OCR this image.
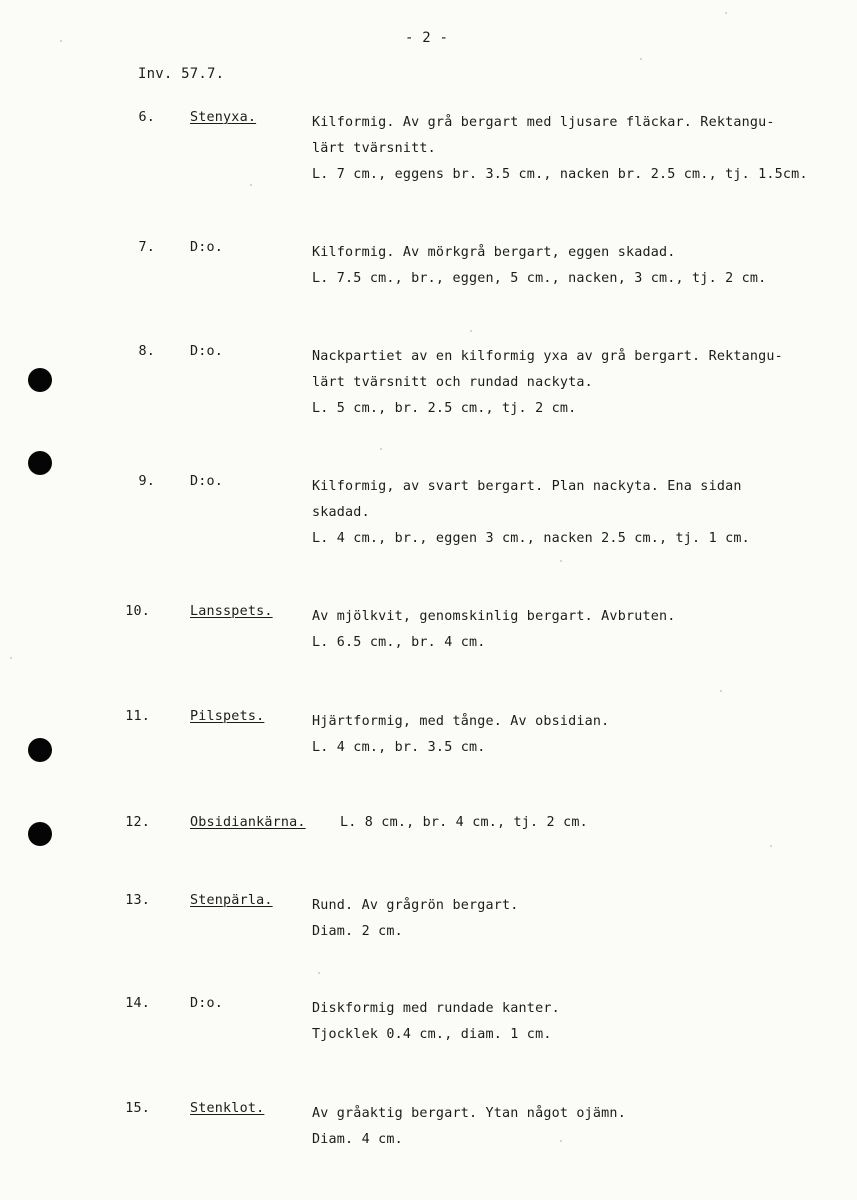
- 2 -
Inv. 57.7.
6.	Stenyxa.	Kilformig. Av grå bergart med ljusare fläckar. Rektangu-
lärt tvärsnitt.
L. 7 cm., eggens br. 3.5 cm., nacken br. 2.5 cm., tj. 1.5cm.
7.	D:o.	Kilformig. Av mörkgrå bergart, eggen skadad.
L. 7.5 cm., br., eggen, 5 cm., nacken, 3 cm., tj. 2 cm.
8.	D:o.	Nackpartiet av en kilformig yxa av grå bergart. Rektangu-
lärt tvärsnitt och rundad nackyta.
L. 5 cm., br. 2.5 cm., tj. 2 cm.
9.	D:o.	Kilformig, av svart bergart. Plan nackyta. Ena sidan
skadad.
L. 4 cm., br., eggen 3 cm., nacken 2.5 cm., tj. 1 cm.
10.	Lansspets.	Av mjölkvit, genomskinlig bergart. Avbruten.
L. 6.5 cm., br. 4 cm.
11.	Pilspets.	Hjärtformig, med tånge. Av obsidian.
L. 4 cm., br. 3.5 cm.
12.	Obsidiankärna.	L. 8 cm., br. 4 cm., tj. 2 cm.
13.	Stenpärla.	Rund. Av grågrön bergart.
Diam. 2 cm.
14.	D:o.	Diskformig med rundade kanter.
Tjocklek 0.4 cm., diam. 1 cm.
15.	Stenklot.	Av gråaktig bergart. Ytan något ojämn.
Diam. 4 cm.
